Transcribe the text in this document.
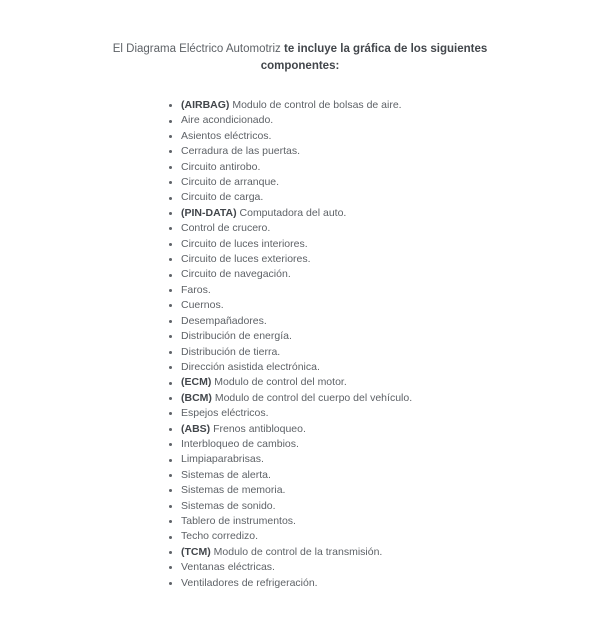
El Diagrama Eléctrico Automotriz te incluye la gráfica de los siguientes
componentes:
(AIRBAG) Modulo de control de bolsas de aire.
Aire acondicionado.
Asientos eléctricos.
Cerradura de las puertas.
Circuito antirobo.
Circuito de arranque.
Circuito de carga.
(PIN-DATA) Computadora del auto.
Control de crucero.
Circuito de luces interiores.
Circuito de luces exteriores.
Circuito de navegación.
Faros.
Cuernos.
Desempañadores.
Distribución de energía.
Distribución de tierra.
Dirección asistida electrónica.
(ECM) Modulo de control del motor.
(BCM) Modulo de control del cuerpo del vehículo.
Espejos eléctricos.
(ABS) Frenos antibloqueo.
Interbloqueo de cambios.
Limpiaparabrisas.
Sistemas de alerta.
Sistemas de memoria.
Sistemas de sonido.
Tablero de instrumentos.
Techo corredizo.
(TCM) Modulo de control de la transmisión.
Ventanas eléctricas.
Ventiladores de refrigeración.
